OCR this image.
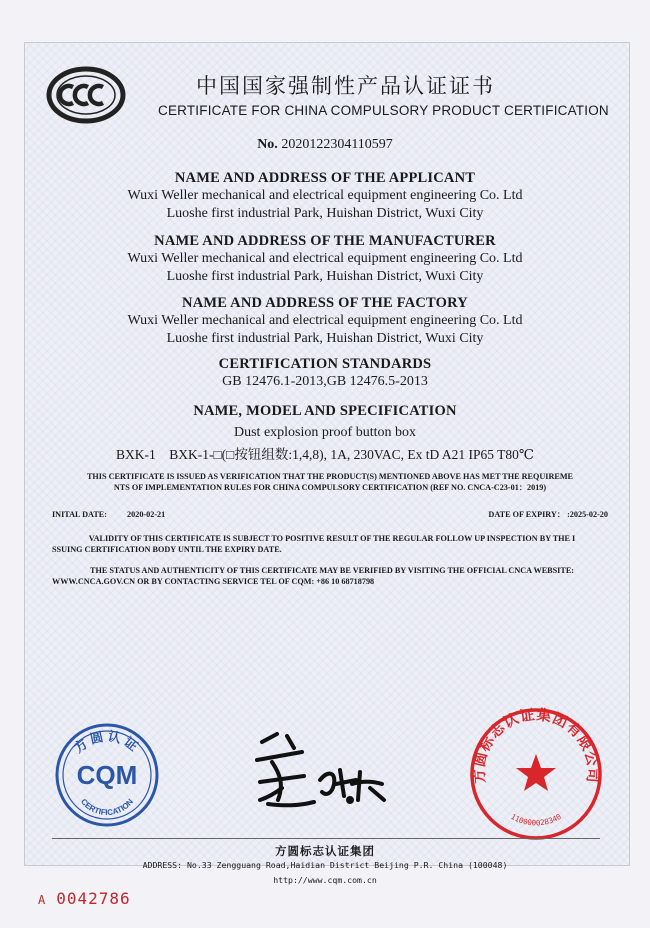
中国国家强制性产品认证证书
CERTIFICATE FOR CHINA COMPULSORY PRODUCT CERTIFICATION
No. 2020122304110597
NAME AND ADDRESS OF THE APPLICANT
Wuxi Weller mechanical and electrical equipment engineering Co. Ltd
Luoshe first industrial Park, Huishan District, Wuxi City
NAME AND ADDRESS OF THE MANUFACTURER
Wuxi Weller mechanical and electrical equipment engineering Co. Ltd
Luoshe first industrial Park, Huishan District, Wuxi City
NAME AND ADDRESS OF THE FACTORY
Wuxi Weller mechanical and electrical equipment engineering Co. Ltd
Luoshe first industrial Park, Huishan District, Wuxi City
CERTIFICATION STANDARDS
GB 12476.1-2013,GB 12476.5-2013
NAME, MODEL AND SPECIFICATION
Dust explosion proof button box
BXK-1    BXK-1-□(□按钮组数:1,4,8), 1A, 230VAC, Ex tD A21 IP65 T80℃
THIS CERTIFICATE IS ISSUED AS VERIFICATION THAT THE PRODUCT(S) MENTIONED ABOVE HAS MET THE REQUIREME
NTS OF IMPLEMENTATION RULES FOR CHINA COMPULSORY CERTIFICATION (REF NO. CNCA-C23-01：2019)
INITAL DATE: 2020-02-21	DATE OF EXPIRY： :2025-02-20
VALIDITY OF THIS CERTIFICATE IS SUBJECT TO POSITIVE RESULT OF THE REGULAR FOLLOW UP INSPECTION BY THE I
SSUING CERTIFICATION BODY UNTIL THE EXPIRY DATE.
THE STATUS AND AUTHENTICITY OF THIS CERTIFICATE MAY BE VERIFIED BY VISITING THE OFFICIAL CNCA WEBSITE:
WWW.CNCA.GOV.CN OR BY CONTACTING SERVICE TEL OF CQM: +86 10 68718798
方圆认证
CQM
CERTIFICATION
方圆标志认证集团有限公司
110000028340
方圆标志认证集团
ADDRESS: No.33 Zengguang Road,Haidian District Beijing P.R. China (100048)
http://www.cqm.com.cn
A 0042786
